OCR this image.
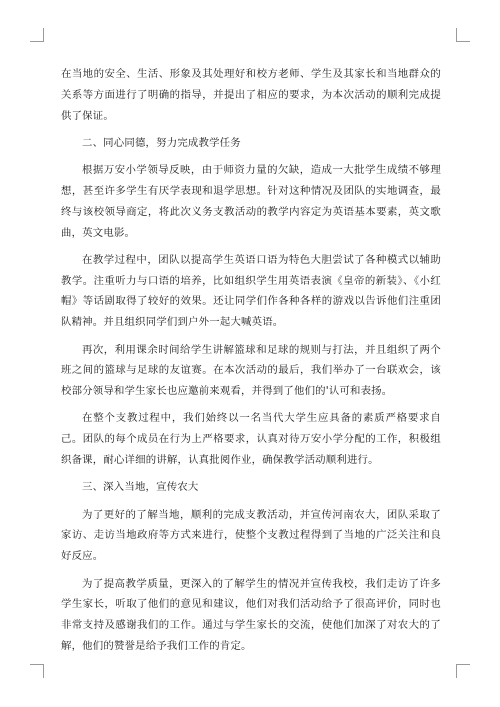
在当地的安全、生活、形象及其处理好和校方老师、学生及其家长和当地群众的关系等方面进行了明确的指导，并提出了相应的要求，为本次活动的顺利完成提供了保证。

二、同心同德，努力完成教学任务

根据万安小学领导反映，由于师资力量的欠缺，造成一大批学生成绩不够理想，甚至许多学生有厌学表现和退学思想。针对这种情况及团队的实地调查，最终与该校领导商定，将此次义务支教活动的教学内容定为英语基本要素，英文歌曲，英文电影。

在教学过程中，团队以提高学生英语口语为特色大胆尝试了各种模式以辅助教学。注重听力与口语的培养，比如组织学生用英语表演《皇帝的新装》、《小红帽》等话剧取得了较好的效果。还让同学们作各种各样的游戏以告诉他们注重团队精神。并且组织同学们到户外一起大喊英语。

再次，利用课余时间给学生讲解篮球和足球的规则与打法，并且组织了两个班之间的篮球与足球的友谊赛。在本次活动的最后，我们举办了一台联欢会，该校部分领导和学生家长也应邀前来观看，并得到了他们的'认可和表扬。

在整个支教过程中，我们始终以一名当代大学生应具备的素质严格要求自己。团队的每个成员在行为上严格要求，认真对待万安小学分配的工作，积极组织备课，耐心详细的讲解，认真批阅作业，确保教学活动顺利进行。

三、深入当地，宣传农大

为了更好的了解当地，顺利的完成支教活动，并宣传河南农大，团队采取了家访、走访当地政府等方式来进行，使整个支教过程得到了当地的广泛关注和良好反应。

为了提高教学质量，更深入的了解学生的情况并宣传我校，我们走访了许多学生家长，听取了他们的意见和建议，他们对我们活动给予了很高评价，同时也非常支持及感谢我们的工作。通过与学生家长的交流，使他们加深了对农大的了解，他们的赞誉是给予我们工作的肯定。
